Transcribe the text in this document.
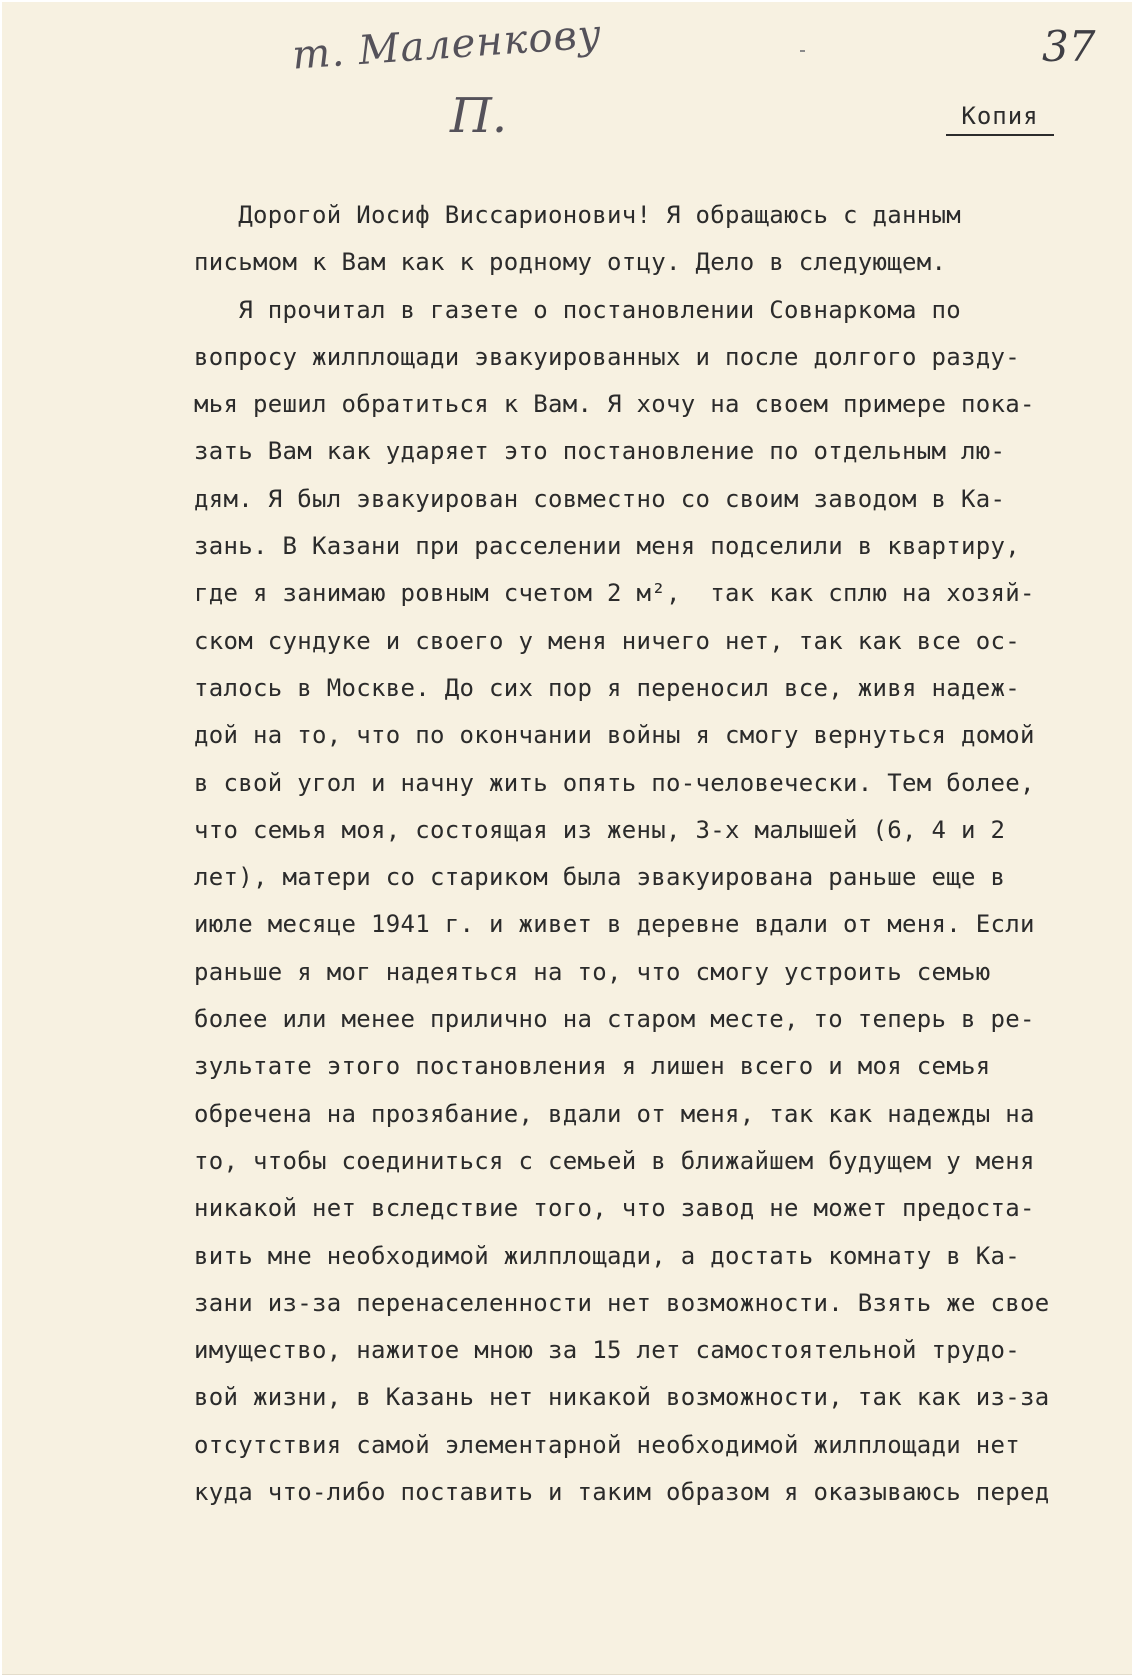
т. Маленкову
П.
37
Копия
Дорогой Иосиф Виссарионович! Я обращаюсь с данным
письмом к Вам как к родному отцу. Дело в следующем.
Я прочитал в газете о постановлении Совнаркома по
вопросу жилплощади эвакуированных и после долгого разду-
мья решил обратиться к Вам. Я хочу на своем примере пока-
зать Вам как ударяет это постановление по отдельным лю-
дям. Я был эвакуирован совместно со своим заводом в Ка-
зань. В Казани при расселении меня подселили в квартиру,
где я занимаю ровным счетом 2 м²,  так как сплю на хозяй-
ском сундуке и своего у меня ничего нет, так как все ос-
талось в Москве. До сих пор я переносил все, живя надеж-
дой на то, что по окончании войны я смогу вернуться домой
в свой угол и начну жить опять по-человечески. Тем более,
что семья моя, состоящая из жены, 3-х малышей (6, 4 и 2
лет), матери со стариком была эвакуирована раньше еще в
июле месяце 1941 г. и живет в деревне вдали от меня. Если
раньше я мог надеяться на то, что смогу устроить семью
более или менее прилично на старом месте, то теперь в ре-
зультате этого постановления я лишен всего и моя семья
обречена на прозябание, вдали от меня, так как надежды на
то, чтобы соединиться с семьей в ближайшем будущем у меня
никакой нет вследствие того, что завод не может предоста-
вить мне необходимой жилплощади, а достать комнату в Ка-
зани из-за перенаселенности нет возможности. Взять же свое
имущество, нажитое мною за 15 лет самостоятельной трудо-
вой жизни, в Казань нет никакой возможности, так как из-за
отсутствия самой элементарной необходимой жилплощади нет
куда что-либо поставить и таким образом я оказываюсь перед
